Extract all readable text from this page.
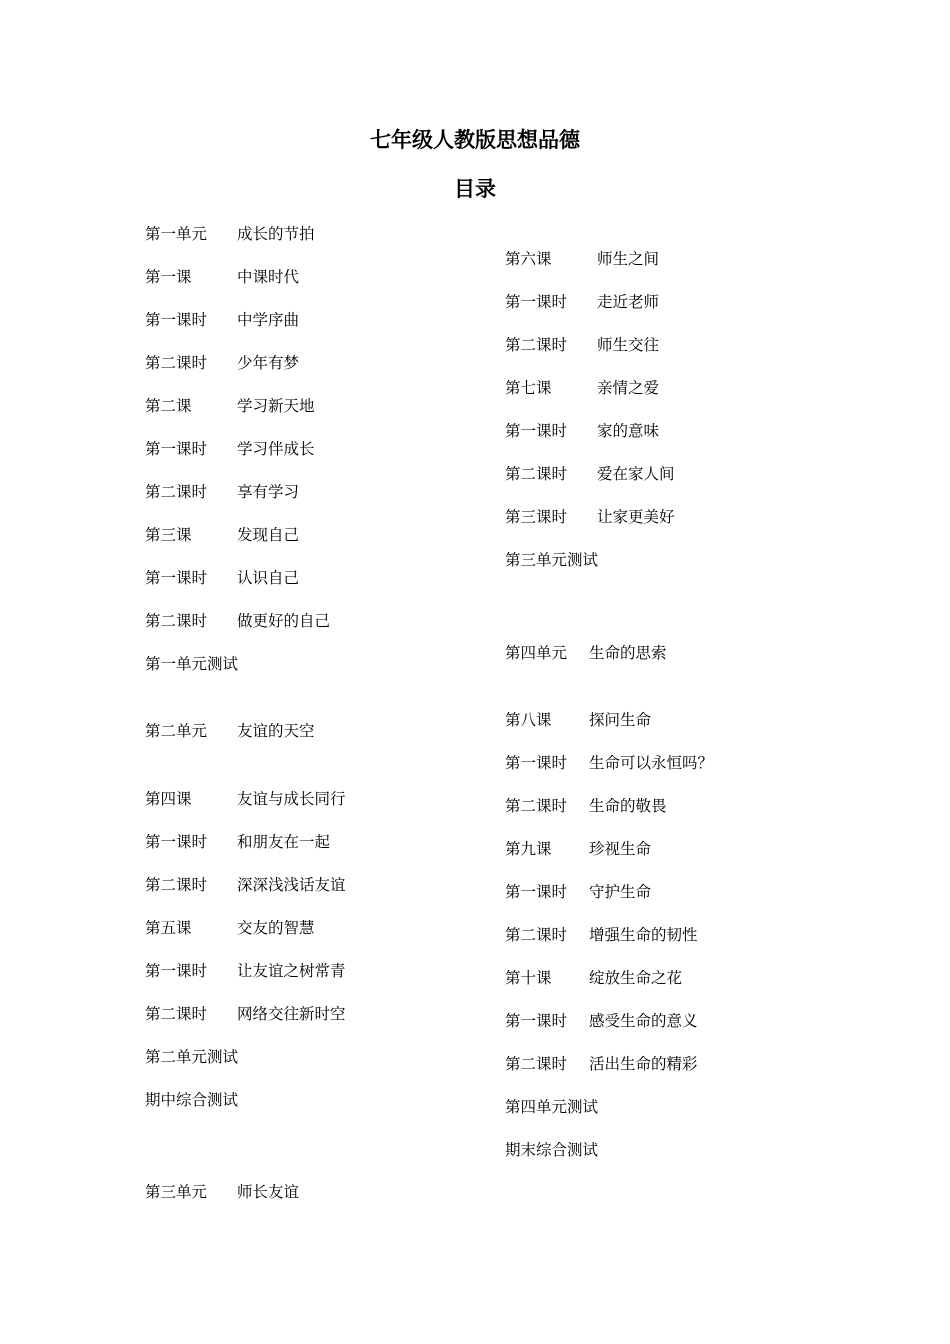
七年级人教版思想品德
目录
第一单元 成长的节拍
第一课	中课时代
第一课时 中学序曲
第二课时 少年有梦
第二课	学习新天地
第一课时 学习伴成长
第二课时 享有学习
第三课	发现自己
第一课时 认识自己
第二课时 做更好的自己
第一单元测试
第二单元 友谊的天空
第四课	友谊与成长同行
第一课时 和朋友在一起
第二课时 深深浅浅话友谊
第五课	交友的智慧
第一课时 让友谊之树常青
第二课时 网络交往新时空
第二单元测试
期中综合测试
第三单元 师长友谊
第六课	师生之间
第一课时 走近老师
第二课时 师生交往
第七课	亲情之爱
第一课时 家的意味
第二课时 爱在家人间
第三课时 让家更美好
第三单元测试
第四单元 生命的思索
第八课 探问生命
第一课时 生命可以永恒吗？
第二课时 生命的敬畏
第九课 珍视生命
第一课时 守护生命
第二课时 增强生命的韧性
第十课 绽放生命之花
第一课时 感受生命的意义
第二课时 活出生命的精彩
第四单元测试
期末综合测试
